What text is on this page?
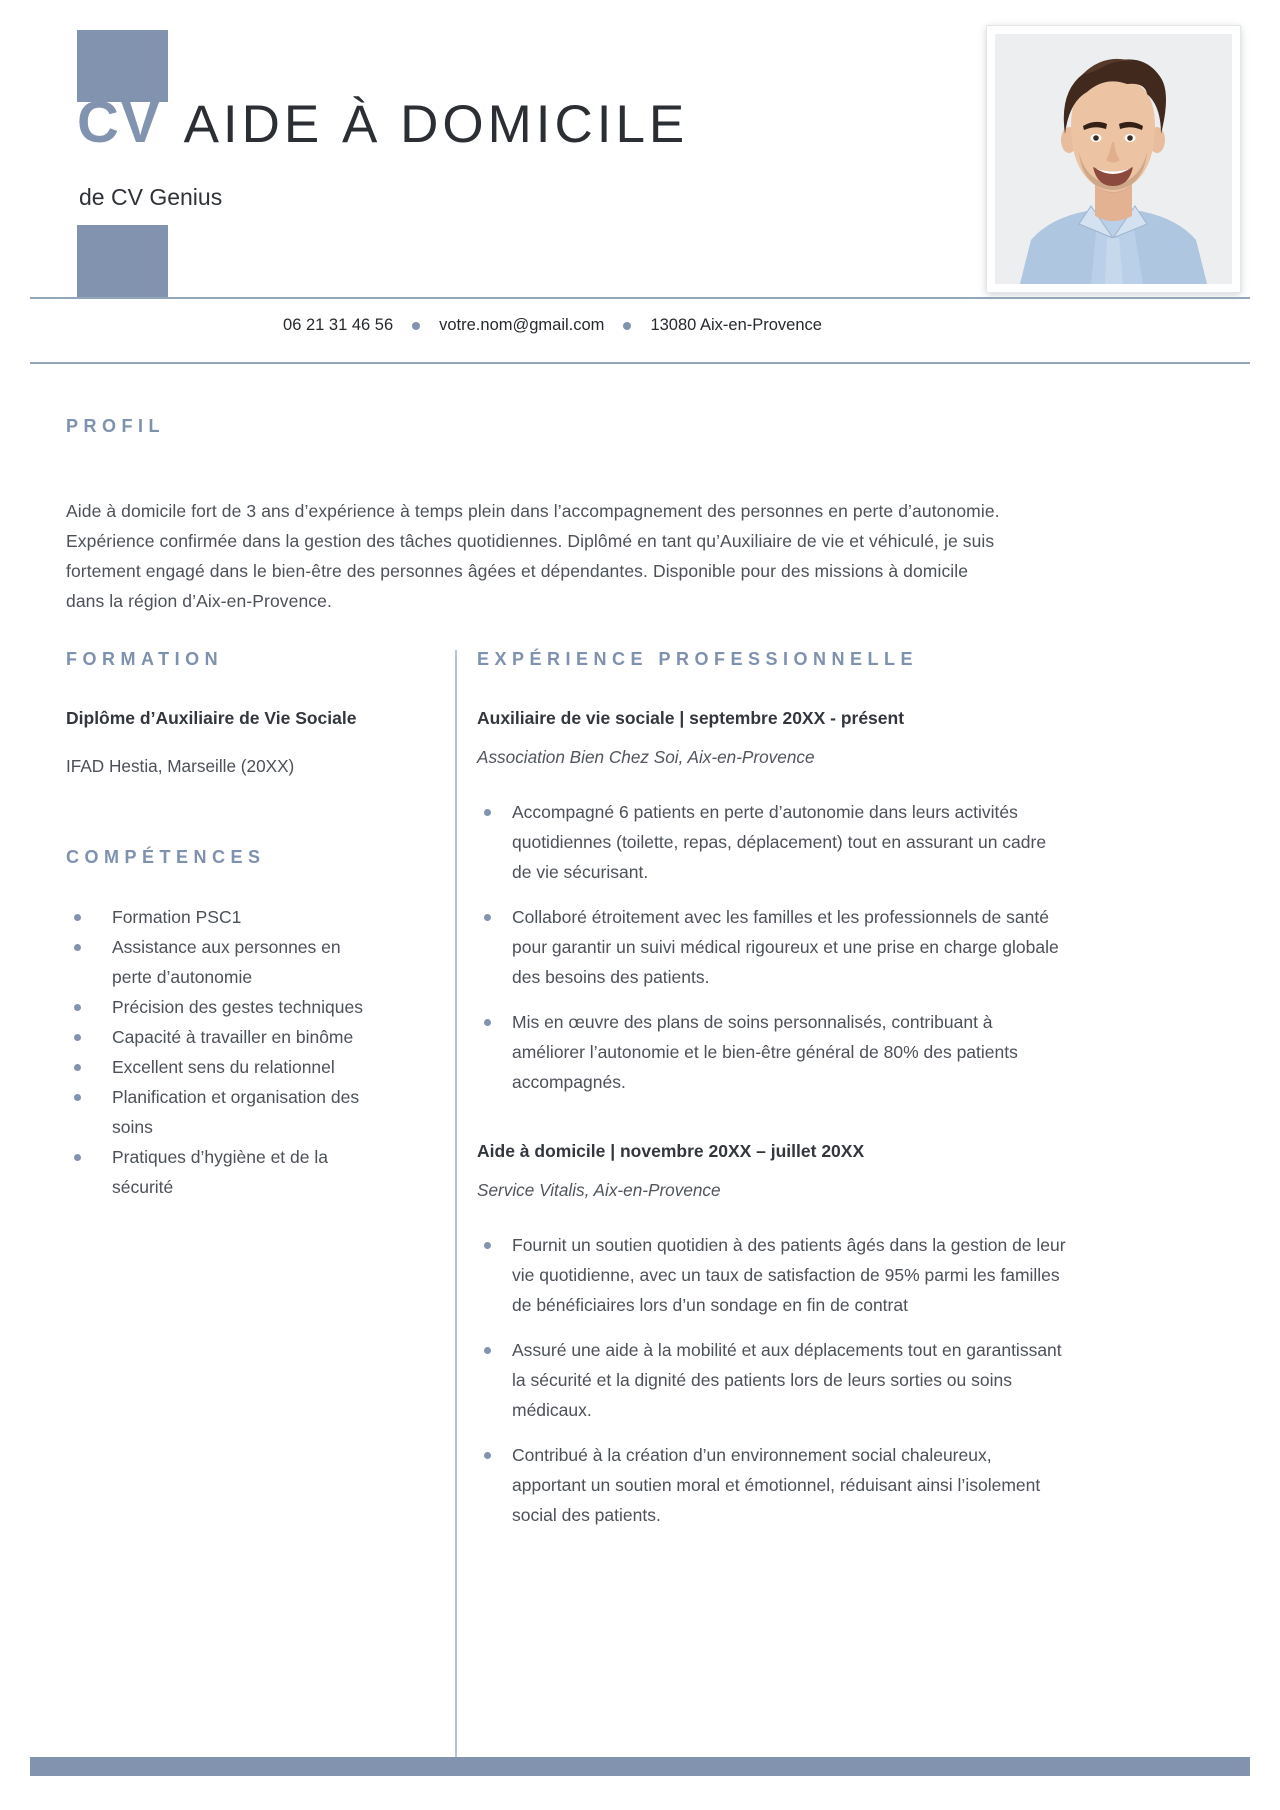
CV AIDE À DOMICILE
de CV Genius
06 21 31 46 56	votre.nom@gmail.com	13080 Aix-en-Provence
PROFIL

Aide à domicile fort de 3 ans d’expérience à temps plein dans l’accompagnement des personnes en perte d’autonomie. Expérience confirmée dans la gestion des tâches quotidiennes. Diplômé en tant qu’Auxiliaire de vie et véhiculé, je suis fortement engagé dans le bien-être des personnes âgées et dépendantes. Disponible pour des missions à domicile dans la région d’Aix-en-Provence.

FORMATION

Diplôme d’Auxiliaire de Vie Sociale

IFAD Hestia, Marseille (20XX)

COMPÉTENCES
Formation PSC1
Assistance aux personnes en perte d’autonomie
Précision des gestes techniques
Capacité à travailler en binôme
Excellent sens du relationnel
Planification et organisation des soins
Pratiques d’hygiène et de la sécurité
EXPÉRIENCE PROFESSIONNELLE

Auxiliaire de vie sociale | septembre 20XX - présent

Association Bien Chez Soi, Aix-en-Provence

Accompagné 6 patients en perte d’autonomie dans leurs activités quotidiennes (toilette, repas, déplacement) tout en assurant un cadre de vie sécurisant.
Collaboré étroitement avec les familles et les professionnels de santé pour garantir un suivi médical rigoureux et une prise en charge globale des besoins des patients.
Mis en œuvre des plans de soins personnalisés, contribuant à améliorer l’autonomie et le bien-être général de 80% des patients accompagnés.

Aide à domicile | novembre 20XX – juillet 20XX

Service Vitalis, Aix-en-Provence

Fournit un soutien quotidien à des patients âgés dans la gestion de leur vie quotidienne, avec un taux de satisfaction de 95% parmi les familles de bénéficiaires lors d’un sondage en fin de contrat
Assuré une aide à la mobilité et aux déplacements tout en garantissant la sécurité et la dignité des patients lors de leurs sorties ou soins médicaux.
Contribué à la création d’un environnement social chaleureux, apportant un soutien moral et émotionnel, réduisant ainsi l’isolement social des patients.
